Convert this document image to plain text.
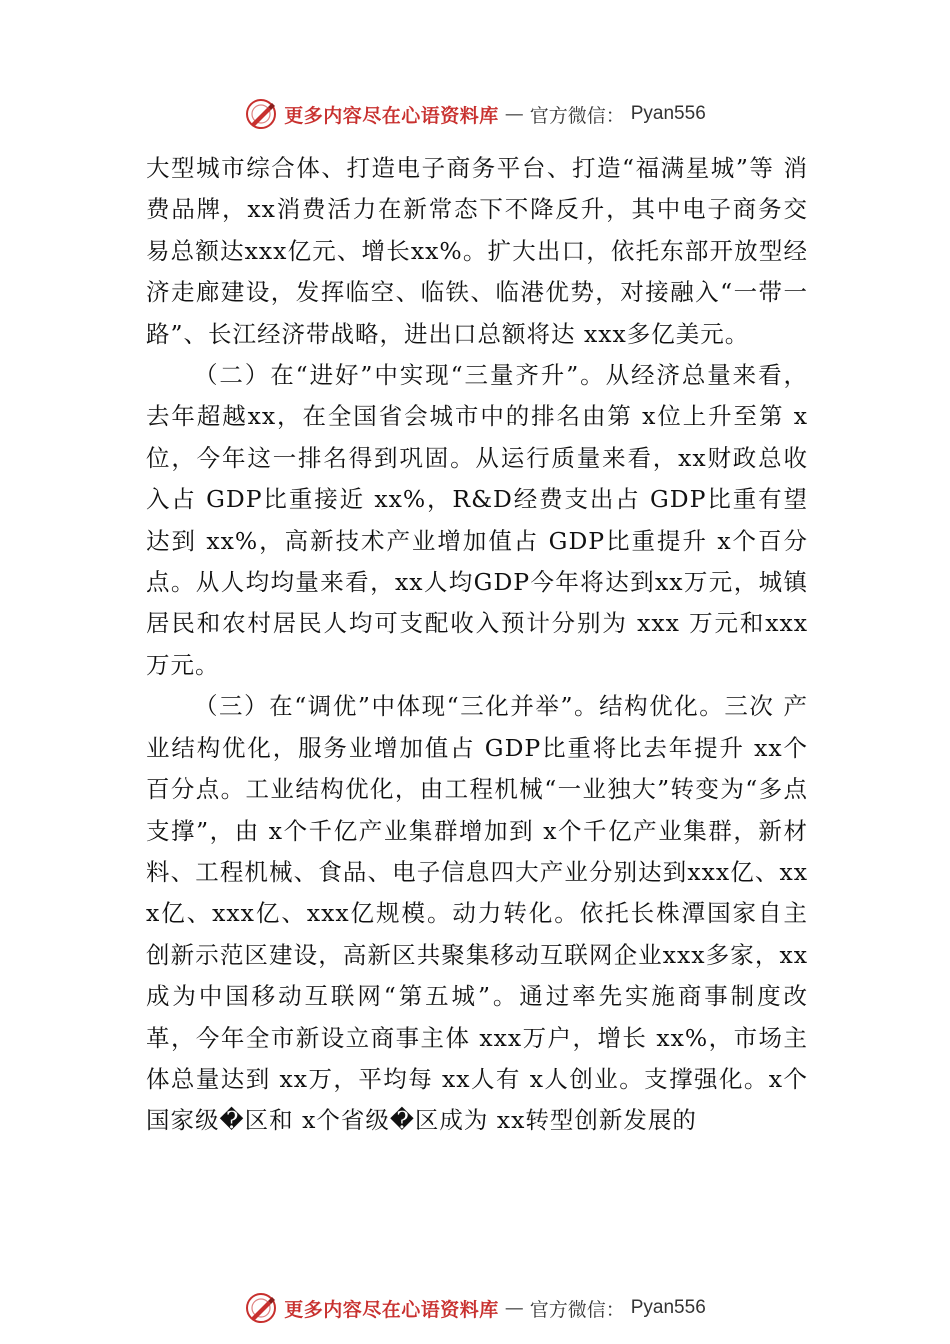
更多内容尽在心语资料库 — 官方微信： Pyan556

大型城市综合体、打造电子商务平台、打造“福满星城”等 消费品牌，xx消费活力在新常态下不降反升，其中电子商务交易总额达xxx亿元、增长xx%。扩大出口，依托东部开放型经济走廊建设，发挥临空、临铁、临港优势，对接融入“一带一路”、长江经济带战略，进出口总额将达 xxx多亿美元。

（二）在“进好”中实现“三量齐升”。从经济总量来看，去年超越xx，在全国省会城市中的排名由第 x位上升至第 x位，今年这一排名得到巩固。从运行质量来看，xx财政总收入占 GDP比重接近 xx%，R&D经费支出占 GDP比重有望达到 xx%，高新技术产业增加值占 GDP比重提升 x个百分点。从人均均量来看，xx人均GDP今年将达到xx万元，城镇居民和农村居民人均可支配收入预计分别为 xxx 万元和xxx万元。

（三）在“调优”中体现“三化并举”。结构优化。三次 产业结构优化，服务业增加值占 GDP比重将比去年提升 xx个百分点。工业结构优化，由工程机械“一业独大”转变为“多点支撑”，由 x个千亿产业集群增加到 x个千亿产业集群，新材料、工程机械、食品、电子信息四大产业分别达到xxx亿、xxx亿、xxx亿、xxx亿规模。动力转化。依托长株潭国家自主创新示范区建设，高新区共聚集移动互联网企业xxx多家，xx成为中国移动互联网“第五城”。通过率先实施商事制度改革，今年全市新设立商事主体 xxx万户，增长 xx%，市场主体总量达到 xx万，平均每 xx人有 x人创业。支撑强化。x个国家级�区和 x个省级�区成为 xx转型创新发展的

更多内容尽在心语资料库 — 官方微信： Pyan556
